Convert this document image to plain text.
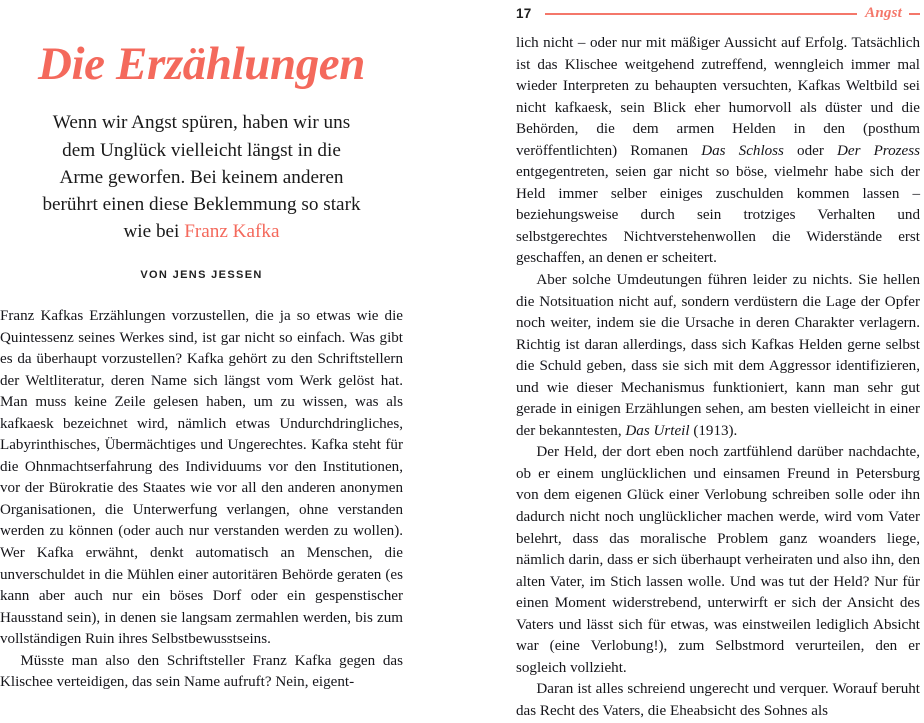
17	Angst
Die Erzählungen

Wenn wir Angst spüren, haben wir uns dem Unglück vielleicht längst in die Arme geworfen. Bei keinem anderen berührt einen diese Beklemmung so stark wie bei Franz Kafka

VON JENS JESSEN

Franz Kafkas Erzählungen vorzustellen, die ja so etwas wie die Quintessenz seines Werkes sind, ist gar nicht so einfach. Was gibt es da überhaupt vorzustellen? Kafka gehört zu den Schriftstellern der Weltliteratur, deren Name sich längst vom Werk gelöst hat. Man muss keine Zeile gelesen haben, um zu wissen, was als kafkaesk bezeichnet wird, nämlich etwas Undurchdringliches, Labyrinthisches, Übermächtiges und Ungerechtes. Kafka steht für die Ohnmachtserfahrung des Individuums vor den Institutionen, vor der Bürokratie des Staates wie vor all den anderen anonymen Organisationen, die Unterwerfung verlangen, ohne verstanden werden zu können (oder auch nur verstanden werden zu wollen). Wer Kafka erwähnt, denkt automatisch an Menschen, die unverschuldet in die Mühlen einer autoritären Behörde geraten (es kann aber auch nur ein böses Dorf oder ein gespenstischer Hausstand sein), in denen sie langsam zermahlen werden, bis zum vollständigen Ruin ihres Selbstbewusstseins.

Müsste man also den Schriftsteller Franz Kafka gegen das Klischee verteidigen, das sein Name aufruft? Nein, eigent-

lich nicht – oder nur mit mäßiger Aussicht auf Erfolg. Tatsächlich ist das Klischee weitgehend zutreffend, wenngleich immer mal wieder Interpreten zu behaupten versuchten, Kafkas Weltbild sei nicht kafkaesk, sein Blick eher humorvoll als düster und die Behörden, die dem armen Helden in den (posthum veröffentlichten) Romanen Das Schloss oder Der Prozess entgegentreten, seien gar nicht so böse, vielmehr habe sich der Held immer selber einiges zuschulden kommen lassen – beziehungsweise durch sein trotziges Verhalten und selbstgerechtes Nichtverstehenwollen die Widerstände erst geschaffen, an denen er scheitert.

Aber solche Umdeutungen führen leider zu nichts. Sie hellen die Notsituation nicht auf, sondern verdüstern die Lage der Opfer noch weiter, indem sie die Ursache in deren Charakter verlagern. Richtig ist daran allerdings, dass sich Kafkas Helden gerne selbst die Schuld geben, dass sie sich mit dem Aggressor identifizieren, und wie dieser Mechanismus funktioniert, kann man sehr gut gerade in einigen Erzählungen sehen, am besten vielleicht in einer der bekanntesten, Das Urteil (1913).

Der Held, der dort eben noch zartfühlend darüber nachdachte, ob er einem unglücklichen und einsamen Freund in Petersburg von dem eigenen Glück einer Verlobung schreiben solle oder ihn dadurch nicht noch unglücklicher machen werde, wird vom Vater belehrt, dass das moralische Problem ganz woanders liege, nämlich darin, dass er sich überhaupt verheiraten und also ihn, den alten Vater, im Stich lassen wolle. Und was tut der Held? Nur für einen Moment widerstrebend, unterwirft er sich der Ansicht des Vaters und lässt sich für etwas, was einstweilen lediglich Absicht war (eine Verlobung!), zum Selbstmord verurteilen, den er sogleich vollzieht.

Daran ist alles schreiend ungerecht und verquer. Worauf beruht das Recht des Vaters, die Eheabsicht des Sohnes als
